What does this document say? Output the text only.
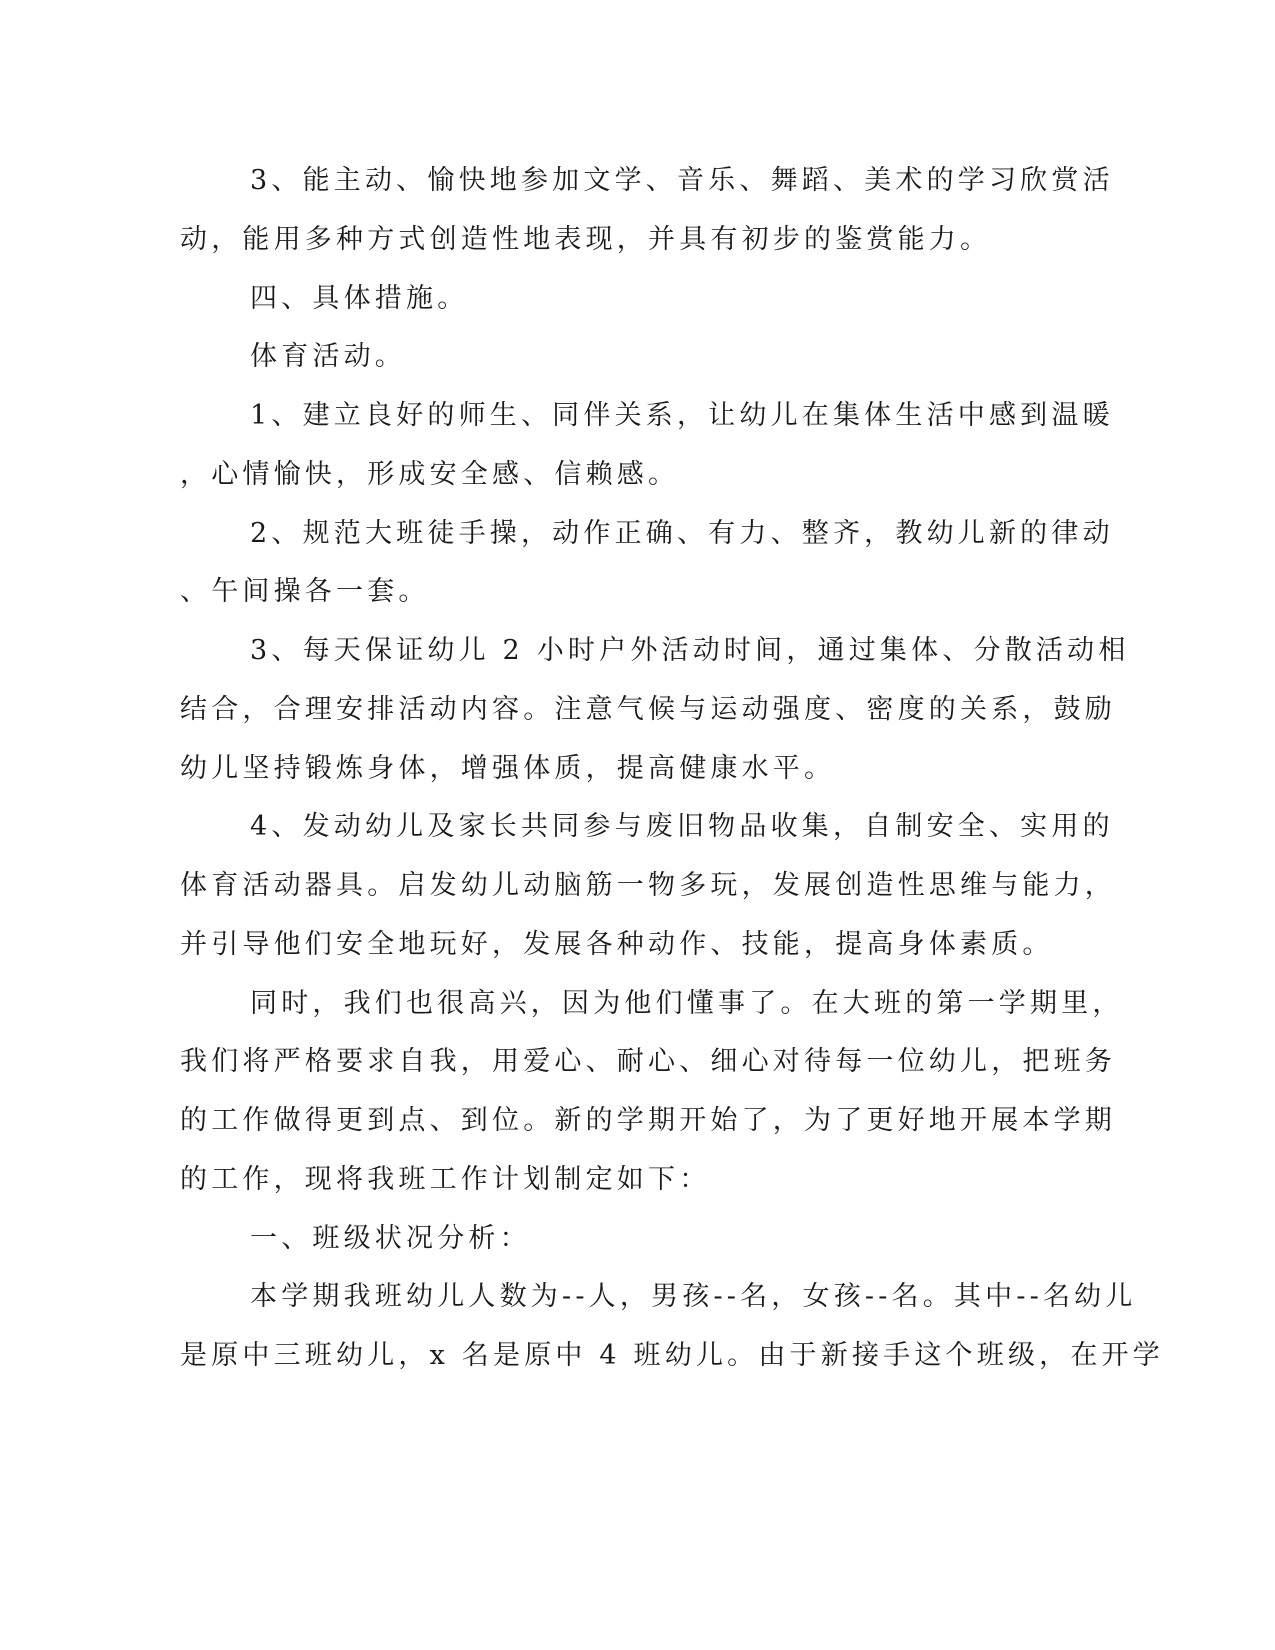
3、能主动、愉快地参加文学、音乐、舞蹈、美术的学习欣赏活
动，能用多种方式创造性地表现，并具有初步的鉴赏能力。
四、具体措施。
体育活动。
1、建立良好的师生、同伴关系，让幼儿在集体生活中感到温暖
，心情愉快，形成安全感、信赖感。
2、规范大班徒手操，动作正确、有力、整齐，教幼儿新的律动
、午间操各一套。
3、每天保证幼儿 2 小时户外活动时间，通过集体、分散活动相
结合，合理安排活动内容。注意气候与运动强度、密度的关系，鼓励
幼儿坚持锻炼身体，增强体质，提高健康水平。
4、发动幼儿及家长共同参与废旧物品收集，自制安全、实用的
体育活动器具。启发幼儿动脑筋一物多玩，发展创造性思维与能力，
并引导他们安全地玩好，发展各种动作、技能，提高身体素质。
同时，我们也很高兴，因为他们懂事了。在大班的第一学期里，
我们将严格要求自我，用爱心、耐心、细心对待每一位幼儿，把班务
的工作做得更到点、到位。新的学期开始了，为了更好地开展本学期
的工作，现将我班工作计划制定如下：
一、班级状况分析：
本学期我班幼儿人数为--人，男孩--名，女孩--名。其中--名幼儿
是原中三班幼儿，x 名是原中 4 班幼儿。由于新接手这个班级，在开学
